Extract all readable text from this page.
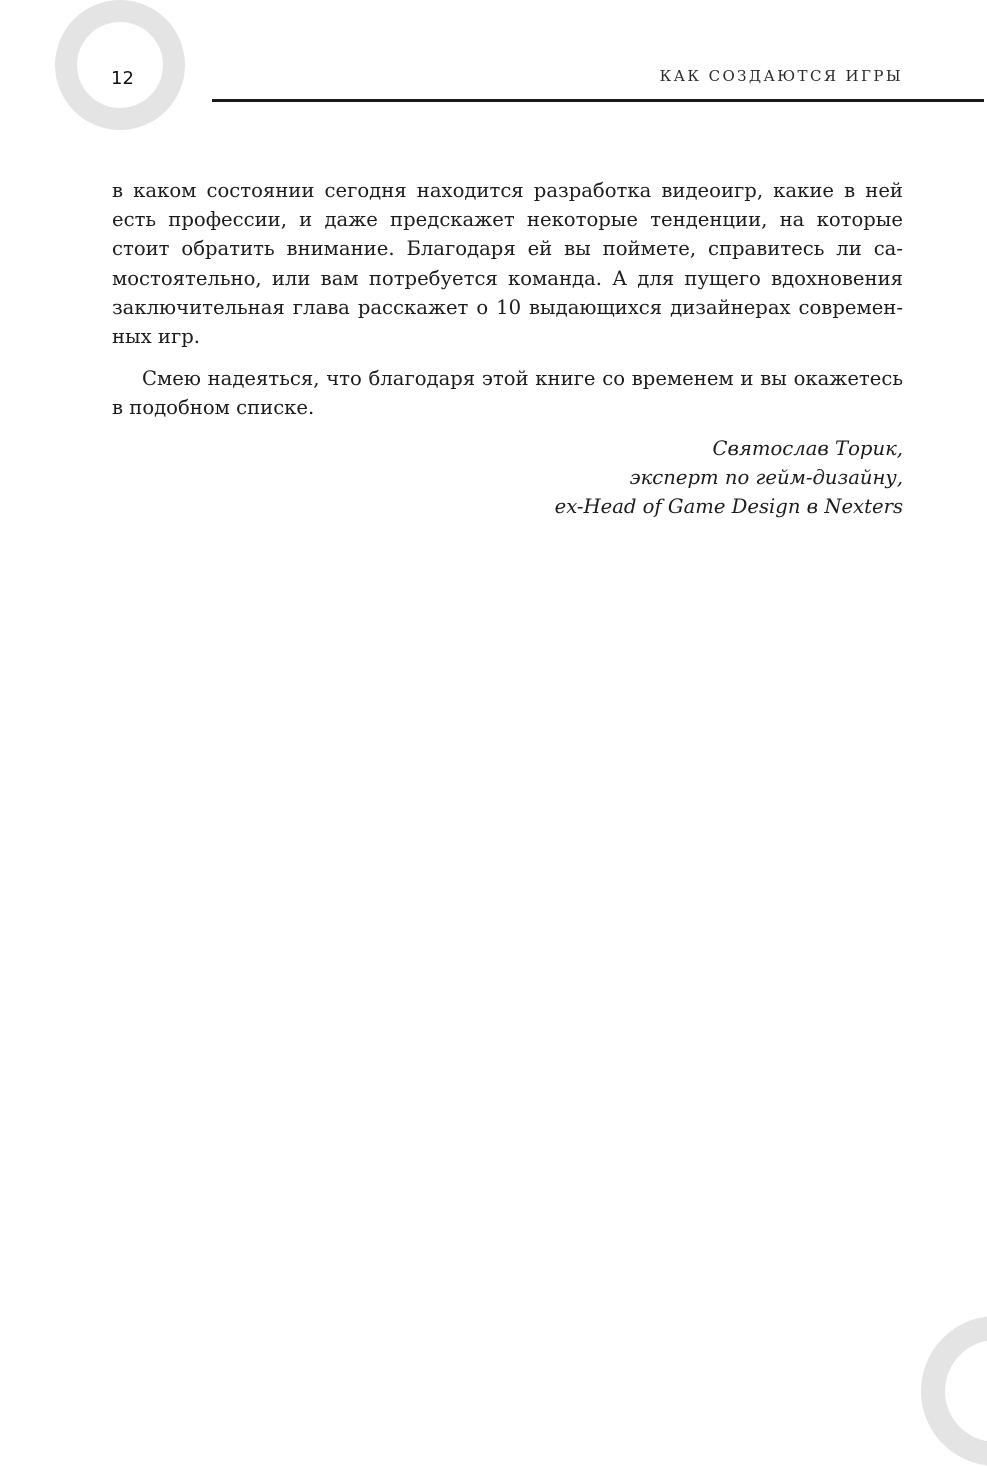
12	КАК СОЗДАЮТСЯ ИГРЫ
в каком состоянии сегодня находится разработка видеоигр, какие в ней
есть профессии, и даже предскажет некоторые тенденции, на которые
стоит обратить внимание. Благодаря ей вы поймете, справитесь ли са-
мостоятельно, или вам потребуется команда. А для пущего вдохновения
заключительная глава расскажет о 10 выдающихся дизайнерах современ-
ных игр.
Смею надеяться, что благодаря этой книге со временем и вы окажетесь
в подобном списке.
Святослав Торик,
эксперт по гейм-дизайну,
ex-Head of Game Design в Nexters
